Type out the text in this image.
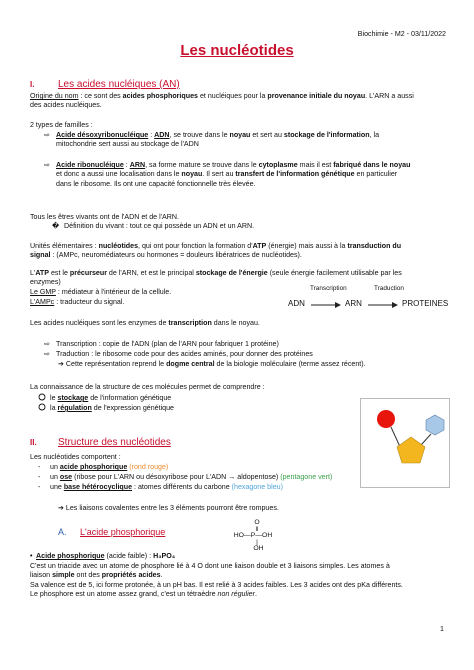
Biochimie - M2 - 03/11/2022
Les nucléotides
I. Les acides nucléiques (AN)
Origine du nom : ce sont des acides phosphoriques et nucléiques pour la provenance initiale du noyau. L'ARN a aussi
des acides nucléiques.
2 types de familles :
⇨ Acide désoxyribonucléique : ADN, se trouve dans le noyau et sert au stockage de l'information, la
mitochondrie sert aussi au stockage de l'ADN
⇨ Acide ribonucléique : ARN, sa forme mature se trouve dans le cytoplasme mais il est fabriqué dans le noyau
et donc a aussi une localisation dans le noyau. Il sert au transfert de l'information génétique en particulier
dans le ribosome. Ils ont une capacité fonctionnelle très élevée.
Tous les êtres vivants ont de l'ADN et de l'ARN.
� Définition du vivant : tout ce qui possède un ADN et un ARN.
Unités élémentaires : nucléotides, qui ont pour fonction la formation d'ATP (énergie) mais aussi à la transduction du
signal : (AMPc, neuromédiateurs ou hormones = douleurs libératrices de nucléotides).
L'ATP est le précurseur de l'ARN, et est le principal stockage de l'énergie (seule énergie facilement utilisable par les
enzymes)
Le GMP : médiateur à l'intérieur de la cellule.
L'AMPc : traducteur du signal.
Transcription	Traduction
ADN	ARN	PROTEINES
Les acides nucléiques sont les enzymes de transcription dans le noyau.
⇨ Transcription : copie de l'ADN (plan de l'ARN pour fabriquer 1 protéine)
⇨ Traduction : le ribosome code pour des acides aminés, pour donner des protéines
➔ Cette représentation reprend le dogme central de la biologie moléculaire (terme assez récent).
La connaissance de la structure de ces molécules permet de comprendre :
le stockage de l'information génétique
la régulation de l'expression génétique
II. Structure des nucléotides
Les nucléotides comportent :
- un acide phosphorique (rond rouge)
- un ose (ribose pour L'ARN ou désoxyribose pour L'ADN → aldopentose) (pentagone vert)
- une base hétérocyclique : atomes différents du carbone (hexagone bleu)
➔ Les liaisons covalentes entre les 3 éléments pourront être rompues.
A. L'acide phosphorique
O
‖
HO—P—OH
|
OH
• Acide phosphorique (acide faible) : H₃PO₄
C'est un triacide avec un atome de phosphore lié à 4 O dont une liaison double et 3 liaisons simples. Les atomes à
liaison simple ont des propriétés acides.
Sa valence est de 5, ici forme protonée, à un pH bas. Il est relié à 3 acides faibles. Les 3 acides ont des pKa différents.
Le phosphore est un atome assez grand, c'est un tétraèdre non régulier.
1
